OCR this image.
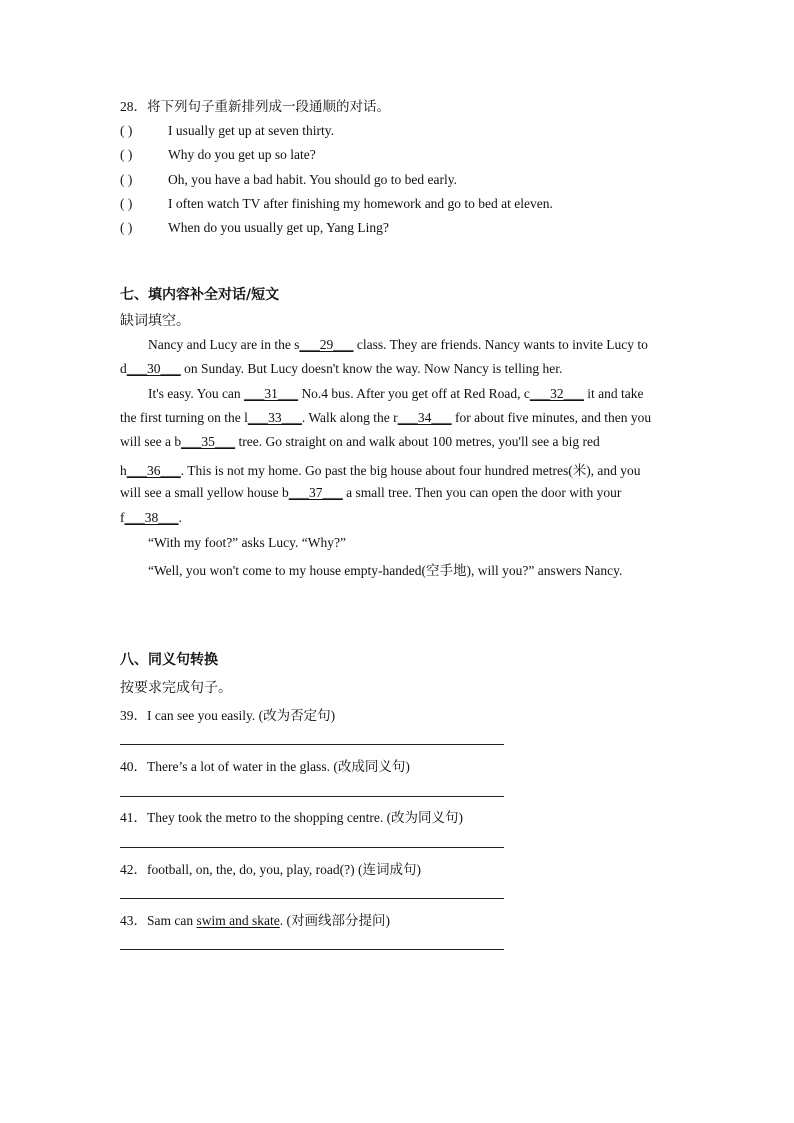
28．将下列句子重新排列成一段通顺的对话。
( )	I usually get up at seven thirty.
( )	Why do you get up so late?
( )	Oh, you have a bad habit. You should go to bed early.
( )	I often watch TV after finishing my homework and go to bed at eleven.
( )	When do you usually get up, Yang Ling?
七、填内容补全对话/短文
缺词填空。
Nancy and Lucy are in the s___29___ class. They are friends. Nancy wants to invite Lucy to
d___30___ on Sunday. But Lucy doesn't know the way. Now Nancy is telling her.
It's easy. You can ___31___ No.4 bus. After you get off at Red Road, c___32___ it and take
the first turning on the l___33___. Walk along the r___34___ for about five minutes, and then you
will see a b___35___ tree. Go straight on and walk about 100 metres, you'll see a big red
h___36___. This is not my home. Go past the big house about four hundred metres(米), and you
will see a small yellow house b___37___ a small tree. Then you can open the door with your
f___38___.
“With my foot?” asks Lucy. “Why?”
“Well, you won't come to my house empty-handed(空手地), will you?” answers Nancy.
八、同义句转换
按要求完成句子。
39．I can see you easily. (改为否定句)
40．There’s a lot of water in the glass. (改成同义句)
41．They took the metro to the shopping centre. (改为同义句)
42．football, on, the, do, you, play, road(?) (连词成句)
43．Sam can swim and skate. (对画线部分提问)
